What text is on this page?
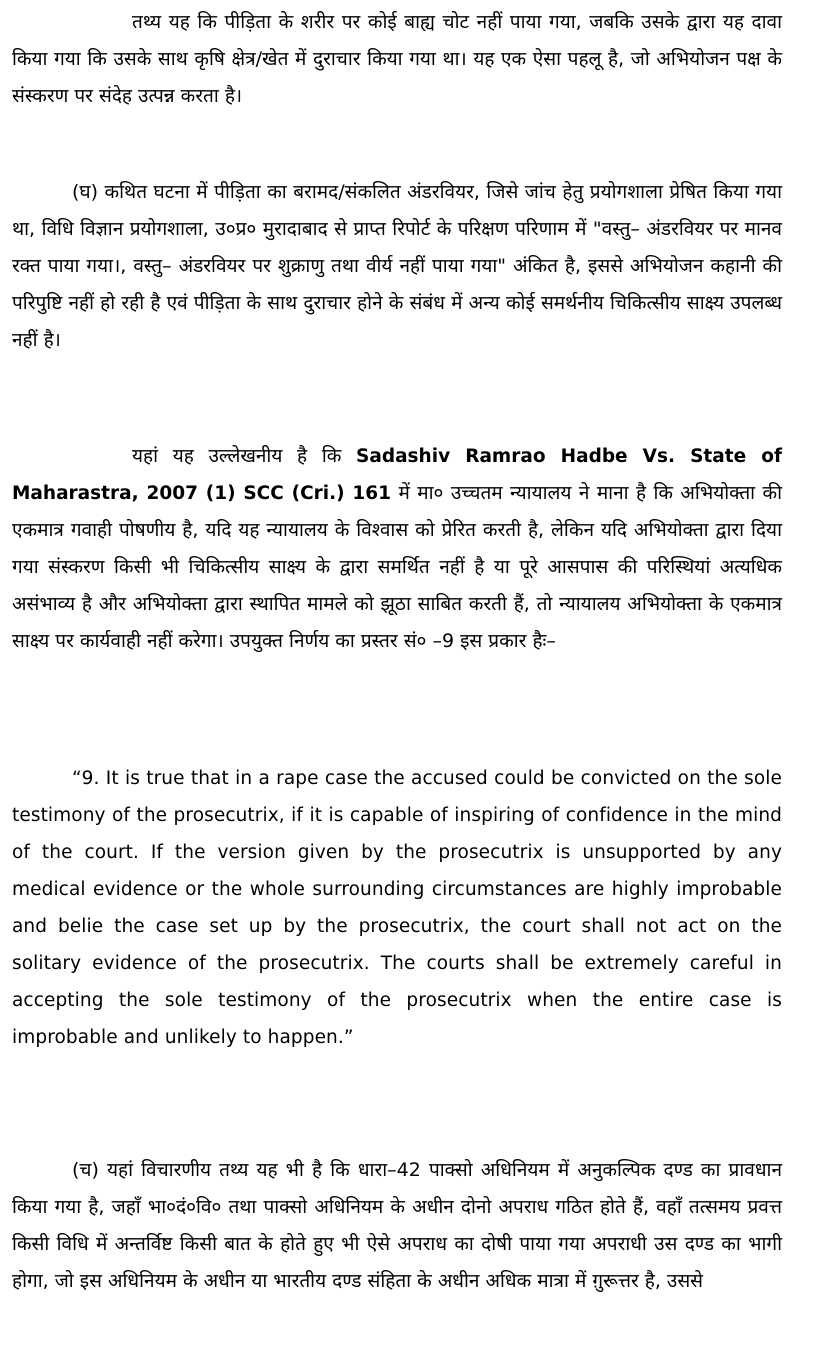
तथ्य यह कि पीड़िता के शरीर पर कोई बाह्य चोट नहीं पाया गया, जबकि उसके द्वारा यह दावा किया गया कि उसके साथ कृषि क्षेत्र/खेत में दुराचार किया गया था। यह एक ऐसा पहलू है, जो अभियोजन पक्ष के संस्करण पर संदेह उत्पन्न करता है।

(घ) कथित घटना में पीड़िता का बरामद/संकलित अंडरवियर, जिसे जांच हेतु प्रयोगशाला प्रेषित किया गया था, विधि विज्ञान प्रयोगशाला, उ०प्र० मुरादाबाद से प्राप्त रिपोर्ट के परिक्षण परिणाम में "वस्तु– अंडरवियर पर मानव रक्त पाया गया।, वस्तु– अंडरवियर पर शुक्राणु तथा वीर्य नहीं पाया गया" अंकित है, इससे अभियोजन कहानी की परिपुष्टि नहीं हो रही है एवं पीड़िता के साथ दुराचार होने के संबंध में अन्य कोई समर्थनीय चिकित्सीय साक्ष्य उपलब्ध नहीं है।

यहां यह उल्लेखनीय है कि Sadashiv Ramrao Hadbe Vs. State of Maharastra, 2007 (1) SCC (Cri.) 161 में मा० उच्चतम न्यायालय ने माना है कि अभियोक्ता की एकमात्र गवाही पोषणीय है, यदि यह न्यायालय के विश्वास को प्रेरित करती है, लेकिन यदि अभियोक्ता द्वारा दिया गया संस्करण किसी भी चिकित्सीय साक्ष्य के द्वारा समर्थित नहीं है या पूरे आसपास की परिस्थियां अत्यधिक असंभाव्य है और अभियोक्ता द्वारा स्थापित मामले को झूठा साबित करती हैं, तो न्यायालय अभियोक्ता के एकमात्र साक्ष्य पर कार्यवाही नहीं करेगा। उपयुक्त निर्णय का प्रस्तर सं० –9 इस प्रकार हैः–

“9. It is true that in a rape case the accused could be convicted on the sole testimony of the prosecutrix, if it is capable of inspiring of confidence in the mind of the court. If the version given by the prosecutrix is unsupported by any medical evidence or the whole surrounding circumstances are highly improbable and belie the case set up by the prosecutrix, the court shall not act on the solitary evidence of the prosecutrix. The courts shall be extremely careful in accepting the sole testimony of the prosecutrix when the entire case is improbable and unlikely to happen.”

(च) यहां विचारणीय तथ्य यह भी है कि धारा–42 पाक्सो अधिनियम में अनुकल्पिक दण्ड का प्रावधान किया गया है, जहाँ भा०दं०वि० तथा पाक्सो अधिनियम के अधीन दोनो अपराध गठित होते हैं, वहाँ तत्समय प्रवत्त किसी विधि में अन्तर्विष्ट किसी बात के होते हुए भी ऐसे अपराध का दोषी पाया गया अपराधी उस दण्ड का भागी होगा, जो इस अधिनियम के अधीन या भारतीय दण्ड संहिता के अधीन अधिक मात्रा में ग़ुरूत्तर है, उससे
